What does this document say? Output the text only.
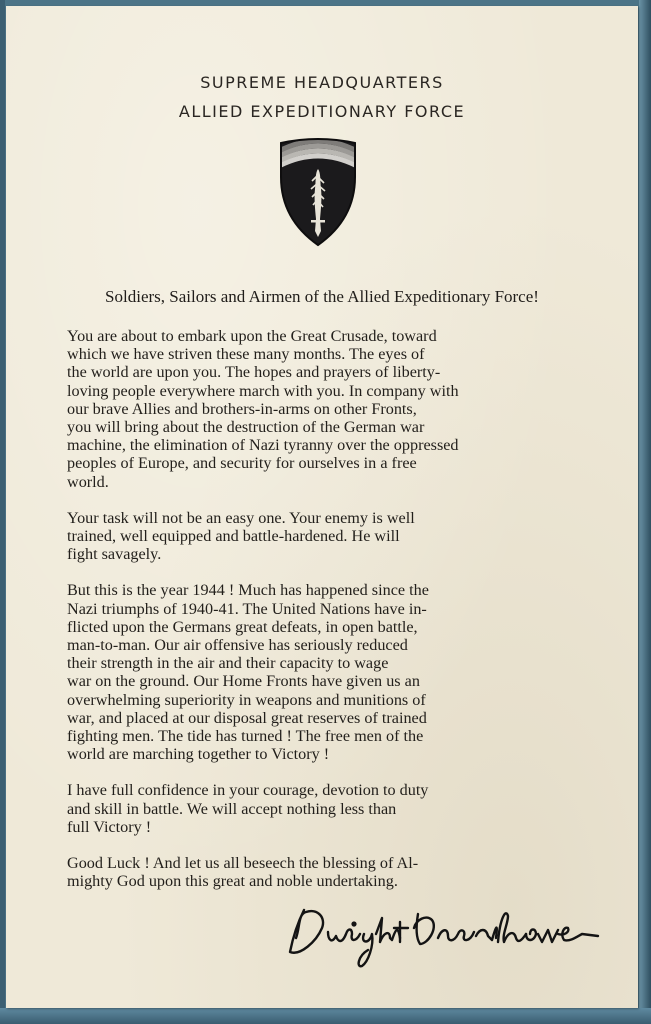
SUPREME HEADQUARTERS
ALLIED EXPEDITIONARY FORCE
Soldiers, Sailors and Airmen of the Allied Expeditionary Force!
You are about to embark upon the Great Crusade, toward
which we have striven these many months. The eyes of
the world are upon you. The hopes and prayers of liberty-
loving people everywhere march with you. In company with
our brave Allies and brothers-in-arms on other Fronts,
you will bring about the destruction of the German war
machine, the elimination of Nazi tyranny over the oppressed
peoples of Europe, and security for ourselves in a free
world.
Your task will not be an easy one. Your enemy is well
trained, well equipped and battle-hardened. He will
fight savagely.
But this is the year 1944 ! Much has happened since the
Nazi triumphs of 1940-41. The United Nations have in-
flicted upon the Germans great defeats, in open battle,
man-to-man. Our air offensive has seriously reduced
their strength in the air and their capacity to wage
war on the ground. Our Home Fronts have given us an
overwhelming superiority in weapons and munitions of
war, and placed at our disposal great reserves of trained
fighting men. The tide has turned ! The free men of the
world are marching together to Victory !
I have full confidence in your courage, devotion to duty
and skill in battle. We will accept nothing less than
full Victory !
Good Luck ! And let us all beseech the blessing of Al-
mighty God upon this great and noble undertaking.
